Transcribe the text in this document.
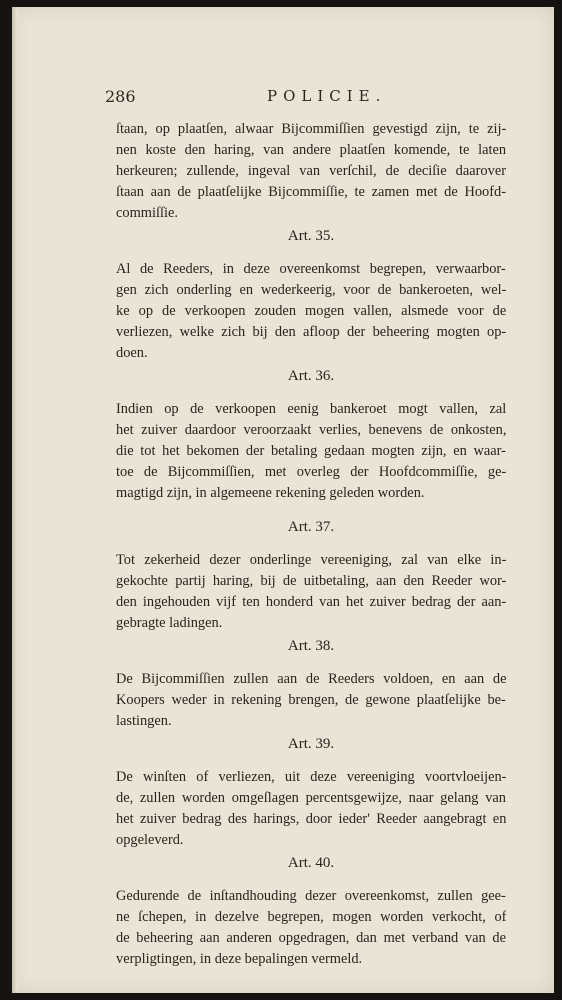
286	POLICIE.
ſtaan, op plaatſen, alwaar Bijcommiſſien gevestigd zijn, te zij-
nen koste den haring, van andere plaatſen komende, te laten
herkeuren; zullende, ingeval van verſchil, de deciſie daarover
ſtaan aan de plaatſelijke Bijcommiſſie, te zamen met de Hoofd-
commiſſie.
Art. 35.
Al de Reeders, in deze overeenkomst begrepen, verwaarbor-
gen zich onderling en wederkeerig, voor de bankeroeten, wel-
ke op de verkoopen zouden mogen vallen, alsmede voor de
verliezen, welke zich bij den afloop der beheering mogten op-
doen.
Art. 36.
Indien op de verkoopen eenig bankeroet mogt vallen, zal
het zuiver daardoor veroorzaakt verlies, benevens de onkosten,
die tot het bekomen der betaling gedaan mogten zijn, en waar-
toe de Bijcommiſſien, met overleg der Hoofdcommiſſie, ge-
magtigd zijn, in algemeene rekening geleden worden.
Art. 37.
Tot zekerheid dezer onderlinge vereeniging, zal van elke in-
gekochte partij haring, bij de uitbetaling, aan den Reeder wor-
den ingehouden vijf ten honderd van het zuiver bedrag der aan-
gebragte ladingen.
Art. 38.
De Bijcommiſſien zullen aan de Reeders voldoen, en aan de
Koopers weder in rekening brengen, de gewone plaatſelijke be-
lastingen.
Art. 39.
De winſten of verliezen, uit deze vereeniging voortvloeijen-
de, zullen worden omgeſlagen percentsgewijze, naar gelang van
het zuiver bedrag des harings, door ieder' Reeder aangebragt en
opgeleverd.
Art. 40.
Gedurende de inſtandhouding dezer overeenkomst, zullen gee-
ne ſchepen, in dezelve begrepen, mogen worden verkocht, of
de beheering aan anderen opgedragen, dan met verband van de
verpligtingen, in deze bepalingen vermeld.
